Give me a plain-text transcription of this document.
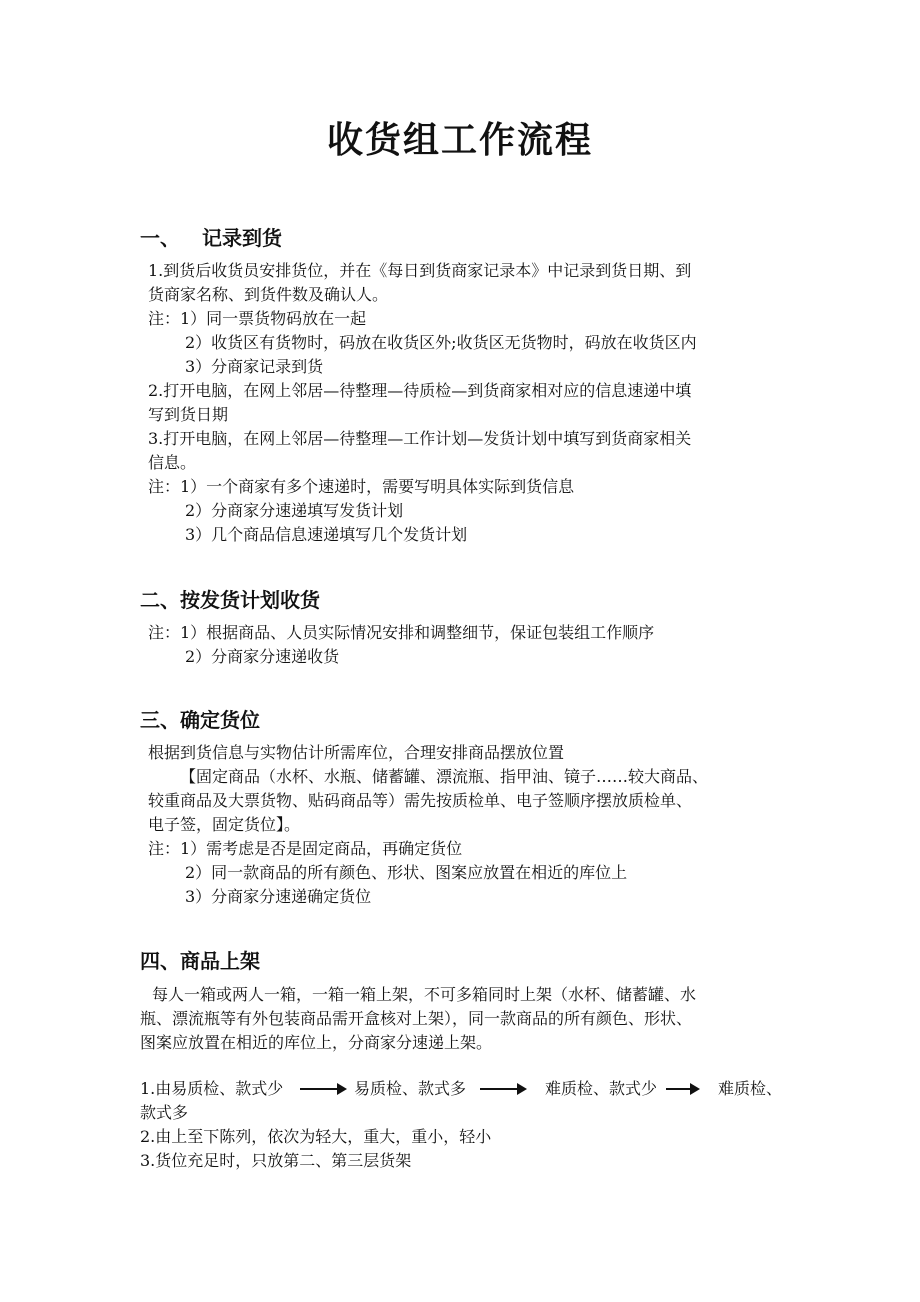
收货组工作流程
一、 记录到货

1.到货后收货员安排货位，并在《每日到货商家记录本》中记录到货日期、到

货商家名称、到货件数及确认人。

注：1）同一票货物码放在一起

2）收货区有货物时，码放在收货区外;收货区无货物时，码放在收货区内

3）分商家记录到货

2.打开电脑，在网上邻居—待整理—待质检—到货商家相对应的信息速递中填

写到货日期

3.打开电脑，在网上邻居—待整理—工作计划—发货计划中填写到货商家相关

信息。

注：1）一个商家有多个速递时，需要写明具体实际到货信息

2）分商家分速递填写发货计划

3）几个商品信息速递填写几个发货计划

二、按发货计划收货

注：1）根据商品、人员实际情况安排和调整细节，保证包装组工作顺序

2）分商家分速递收货

三、确定货位

根据到货信息与实物估计所需库位，合理安排商品摆放位置

【固定商品（水杯、水瓶、储蓄罐、漂流瓶、指甲油、镜子……较大商品、

较重商品及大票货物、贴码商品等）需先按质检单、电子签顺序摆放质检单、

电子签，固定货位】。

注：1）需考虑是否是固定商品，再确定货位

2）同一款商品的所有颜色、形状、图案应放置在相近的库位上

3）分商家分速递确定货位

四、商品上架

每人一箱或两人一箱，一箱一箱上架，不可多箱同时上架（水杯、储蓄罐、水

瓶、漂流瓶等有外包装商品需开盒核对上架），同一款商品的所有颜色、形状、

图案应放置在相近的库位上，分商家分速递上架。

1.由易质检、款式少	易质检、款式多	难质检、款式少	难质检、

款式多

2.由上至下陈列，依次为轻大，重大，重小，轻小

3.货位充足时，只放第二、第三层货架
